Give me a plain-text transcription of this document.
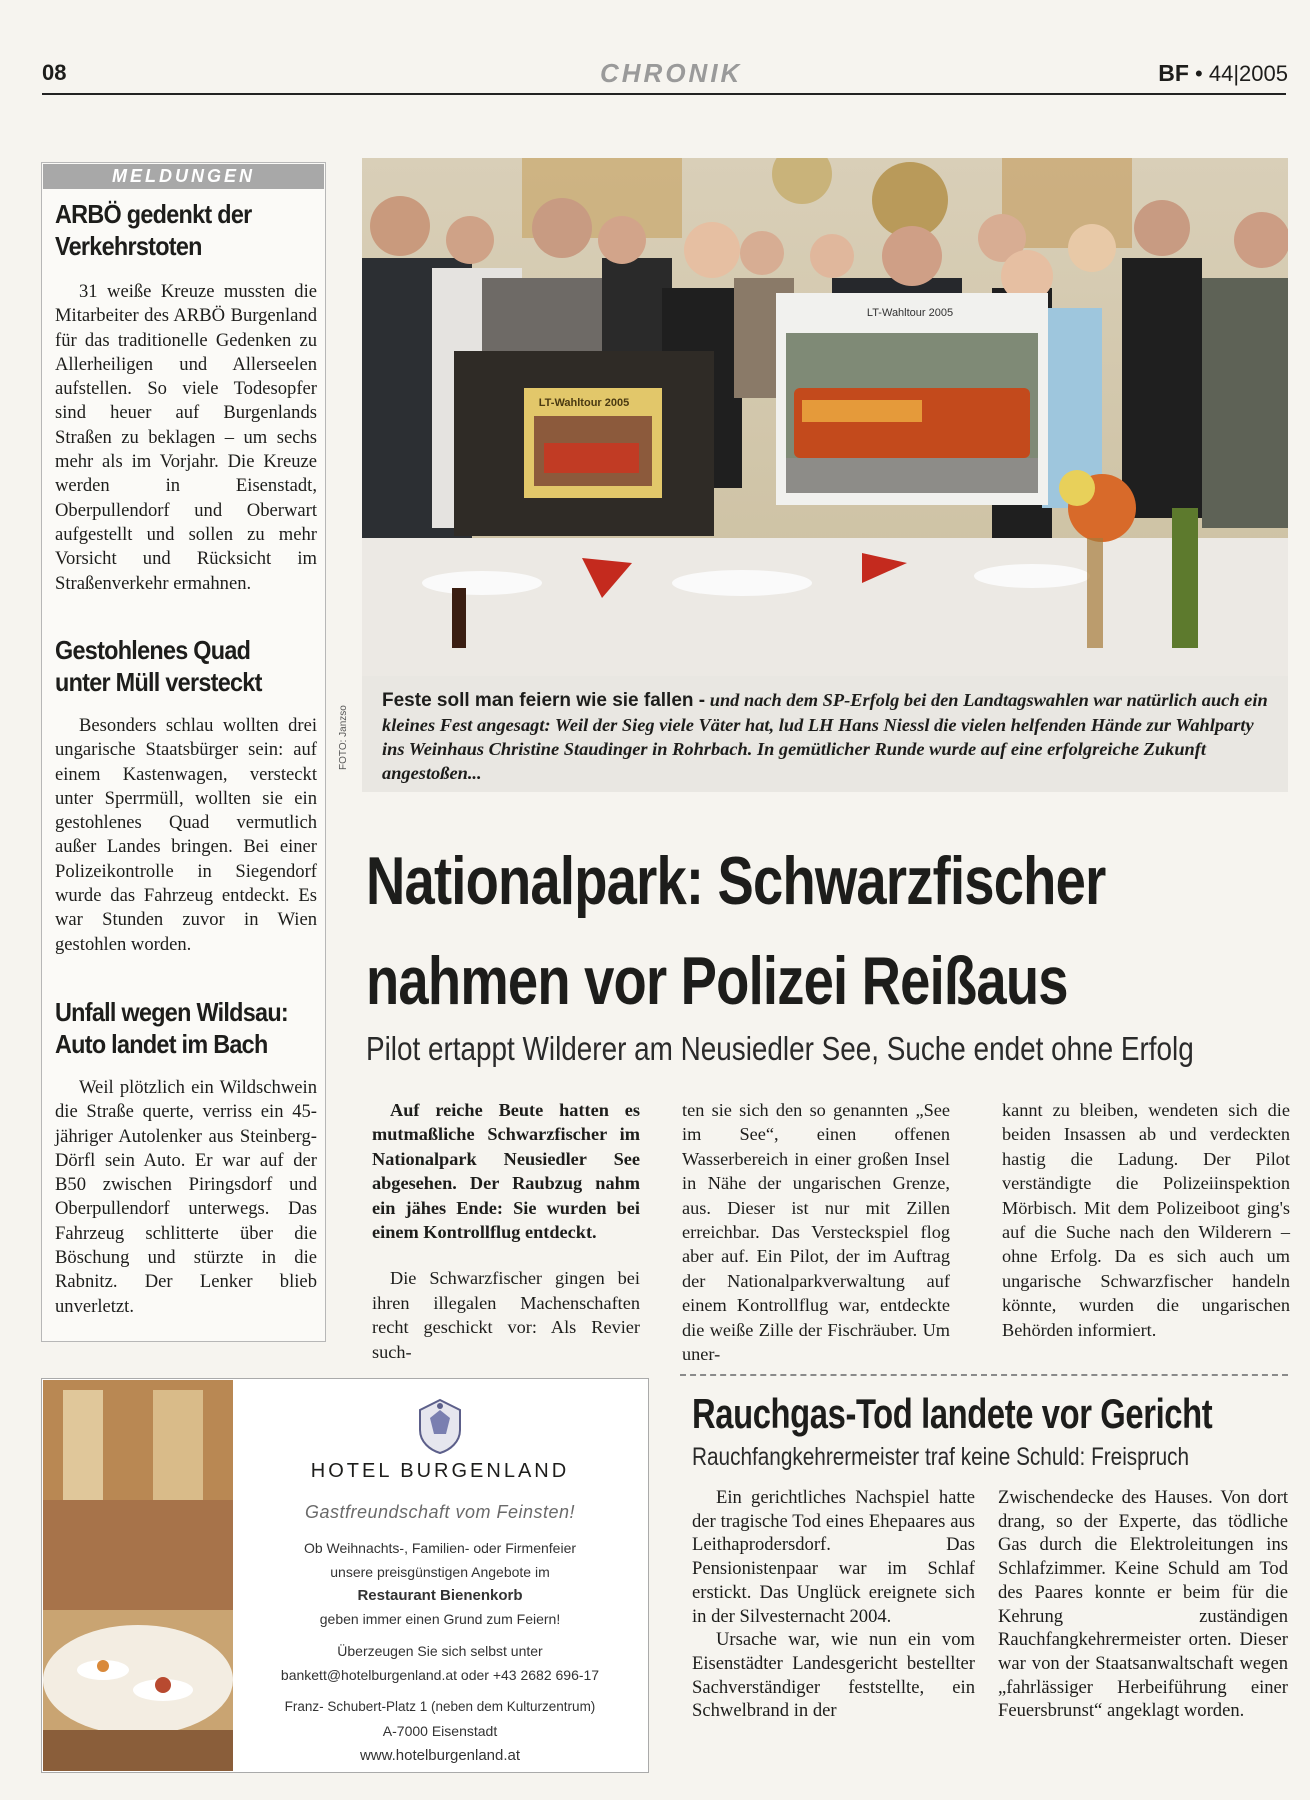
08	CHRONIK	BF • 44|2005
MELDUNGEN
ARBÖ gedenkt der Verkehrstoten
31 weiße Kreuze mussten die Mitarbeiter des ARBÖ Burgenland für das traditionelle Gedenken zu Allerheiligen und Allerseelen aufstellen. So viele Todesopfer sind heuer auf Burgenlands Straßen zu beklagen – um sechs mehr als im Vorjahr. Die Kreuze werden in Eisenstadt, Oberpullendorf und Oberwart aufgestellt und sollen zu mehr Vorsicht und Rücksicht im Straßenverkehr ermahnen.
Gestohlenes Quad unter Müll versteckt
Besonders schlau wollten drei ungarische Staatsbürger sein: auf einem Kastenwagen, versteckt unter Sperrmüll, wollten sie ein gestohlenes Quad vermutlich außer Landes bringen. Bei einer Polizeikontrolle in Siegendorf wurde das Fahrzeug entdeckt. Es war Stunden zuvor in Wien gestohlen worden.
Unfall wegen Wildsau: Auto landet im Bach
Weil plötzlich ein Wildschwein die Straße querte, verriss ein 45-jähriger Autolenker aus Steinberg-Dörfl sein Auto. Er war auf der B50 zwischen Piringsdorf und Oberpullendorf unterwegs. Das Fahrzeug schlitterte über die Böschung und stürzte in die Rabnitz. Der Lenker blieb unverletzt.
LT-Wahltour 2005
LT-Wahltour 2005
FOTO: Janzso
Feste soll man feiern wie sie fallen - und nach dem SP-Erfolg bei den Landtagswahlen war natürlich auch ein kleines Fest angesagt: Weil der Sieg viele Väter hat, lud LH Hans Niessl die vielen helfenden Hände zur Wahlparty ins Weinhaus Christine Staudinger in Rohrbach. In gemütlicher Runde wurde auf eine erfolgreiche Zukunft angestoßen...
Nationalpark: Schwarzfischer
nahmen vor Polizei Reißaus
Pilot ertappt Wilderer am Neusiedler See, Suche endet ohne Erfolg
Auf reiche Beute hatten es mutmaßliche Schwarzfischer im Nationalpark Neusiedler See abgesehen. Der Raubzug nahm ein jähes Ende: Sie wurden bei einem Kontrollflug entdeckt.
Die Schwarzfischer gingen bei ihren illegalen Machenschaften recht geschickt vor: Als Revier such-
ten sie sich den so genannten „See im See“, einen offenen Wasserbereich in einer großen Insel in Nähe der ungarischen Grenze, aus. Dieser ist nur mit Zillen erreichbar. Das Versteckspiel flog aber auf. Ein Pilot, der im Auftrag der Nationalparkverwaltung auf einem Kontrollflug war, entdeckte die weiße Zille der Fischräuber. Um uner-
kannt zu bleiben, wendeten sich die beiden Insassen ab und verdeckten hastig die Ladung. Der Pilot verständigte die Polizeiinspektion Mörbisch. Mit dem Polizeiboot ging's auf die Suche nach den Wilderern – ohne Erfolg. Da es sich auch um ungarische Schwarzfischer handeln könnte, wurden die ungarischen Behörden informiert.
Rauchgas-Tod landete vor Gericht
Rauchfangkehrermeister traf keine Schuld: Freispruch
Ein gerichtliches Nachspiel hatte der tragische Tod eines Ehepaares aus Leithaprodersdorf. Das Pensionistenpaar war im Schlaf erstickt. Das Unglück ereignete sich in der Silvesternacht 2004.
Ursache war, wie nun ein vom Eisenstädter Landesgericht bestellter Sachverständiger feststellte, ein Schwelbrand in der
Zwischendecke des Hauses. Von dort drang, so der Experte, das tödliche Gas durch die Elektroleitungen ins Schlafzimmer. Keine Schuld am Tod des Paares konnte er beim für die Kehrung zuständigen Rauchfangkehrermeister orten. Dieser war von der Staatsanwaltschaft wegen „fahrlässiger Herbeiführung einer Feuersbrunst“ angeklagt worden.
HOTEL BURGENLAND
Gastfreundschaft vom Feinsten!
Ob Weihnachts-, Familien- oder Firmenfeier
unsere preisgünstigen Angebote im
Restaurant Bienenkorb
geben immer einen Grund zum Feiern!
Überzeugen Sie sich selbst unter
bankett@hotelburgenland.at oder +43 2682 696-17
Franz- Schubert-Platz 1 (neben dem Kulturzentrum)
A-7000 Eisenstadt
www.hotelburgenland.at
